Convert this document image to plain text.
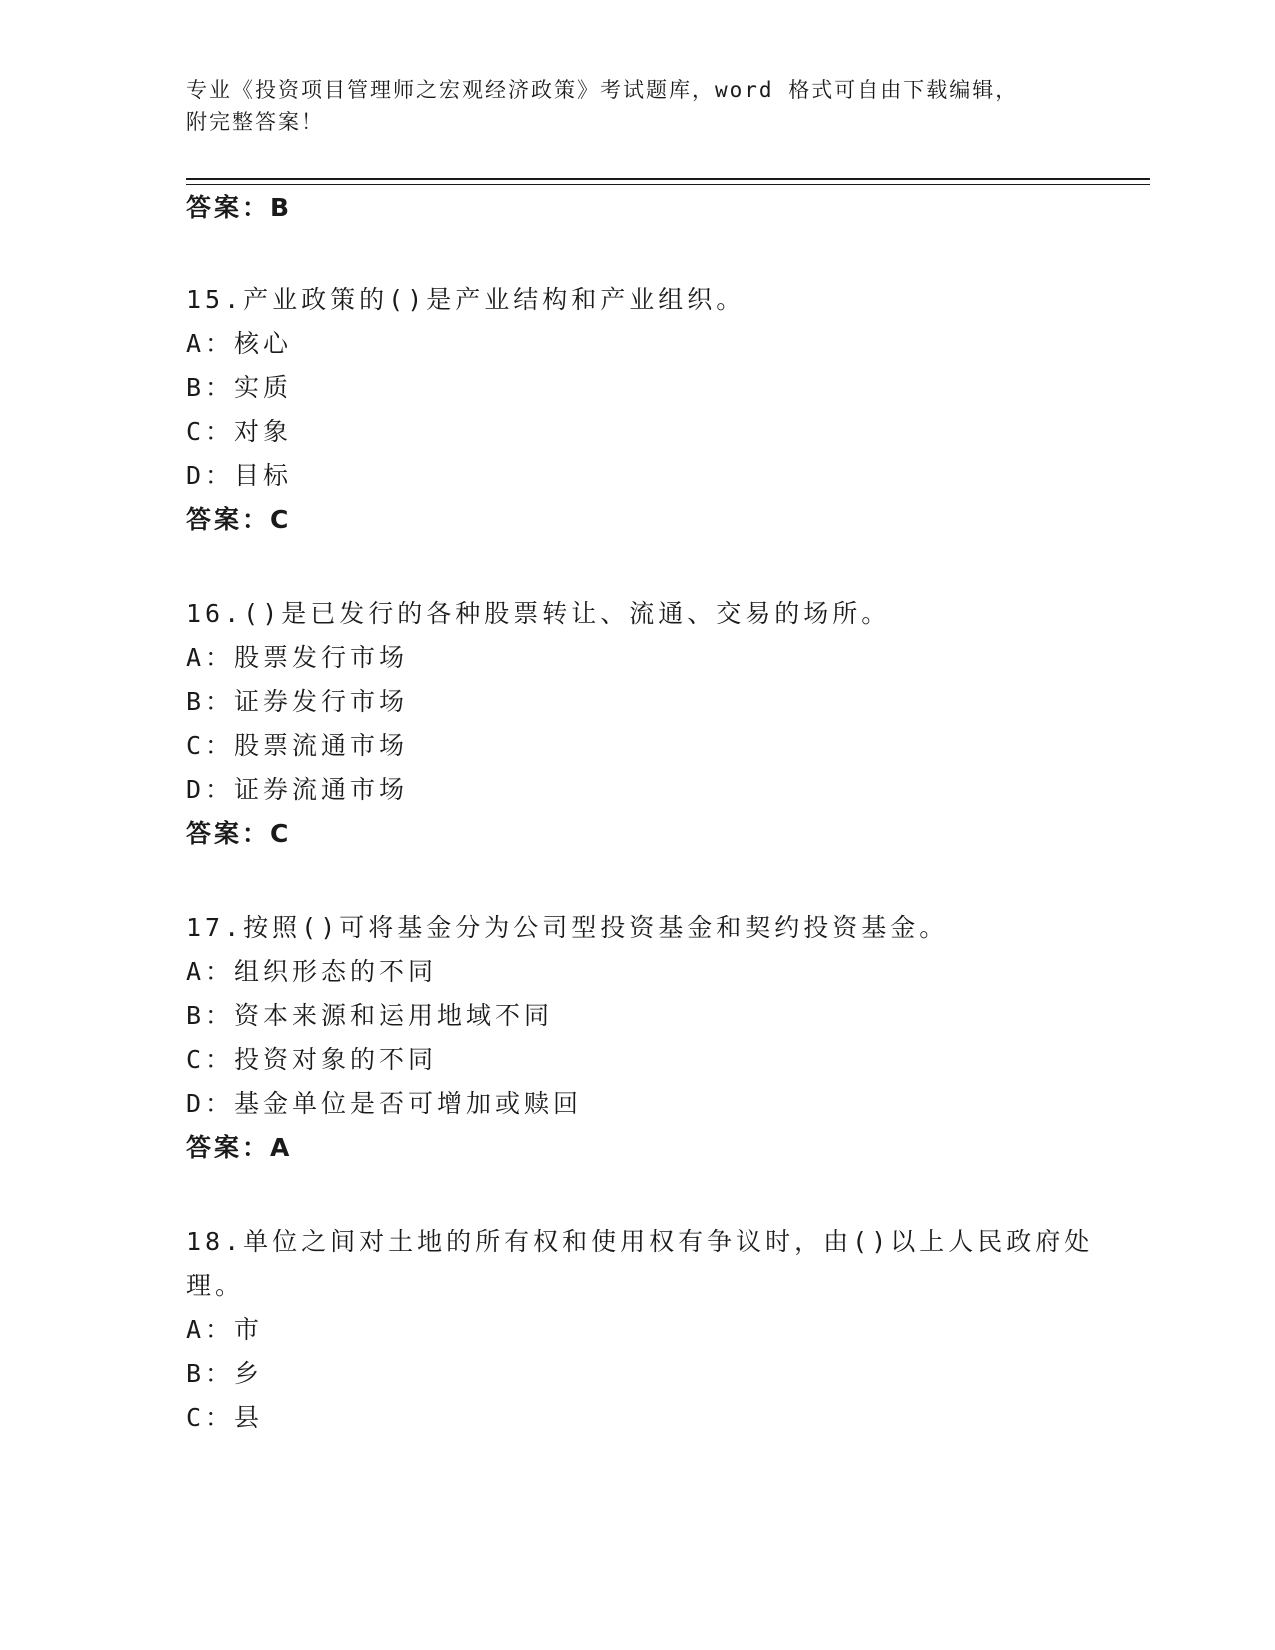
专业《投资项目管理师之宏观经济政策》考试题库，word 格式可自由下载编辑，
附完整答案！
答案：B
15.产业政策的()是产业结构和产业组织。
A：核心
B：实质
C：对象
D：目标
答案：C
16.()是已发行的各种股票转让、流通、交易的场所。
A：股票发行市场
B：证券发行市场
C：股票流通市场
D：证券流通市场
答案：C
17.按照()可将基金分为公司型投资基金和契约投资基金。
A：组织形态的不同
B：资本来源和运用地域不同
C：投资对象的不同
D：基金单位是否可增加或赎回
答案：A
18.单位之间对土地的所有权和使用权有争议时，由()以上人民政府处
理。
A：市
B：乡
C：县
